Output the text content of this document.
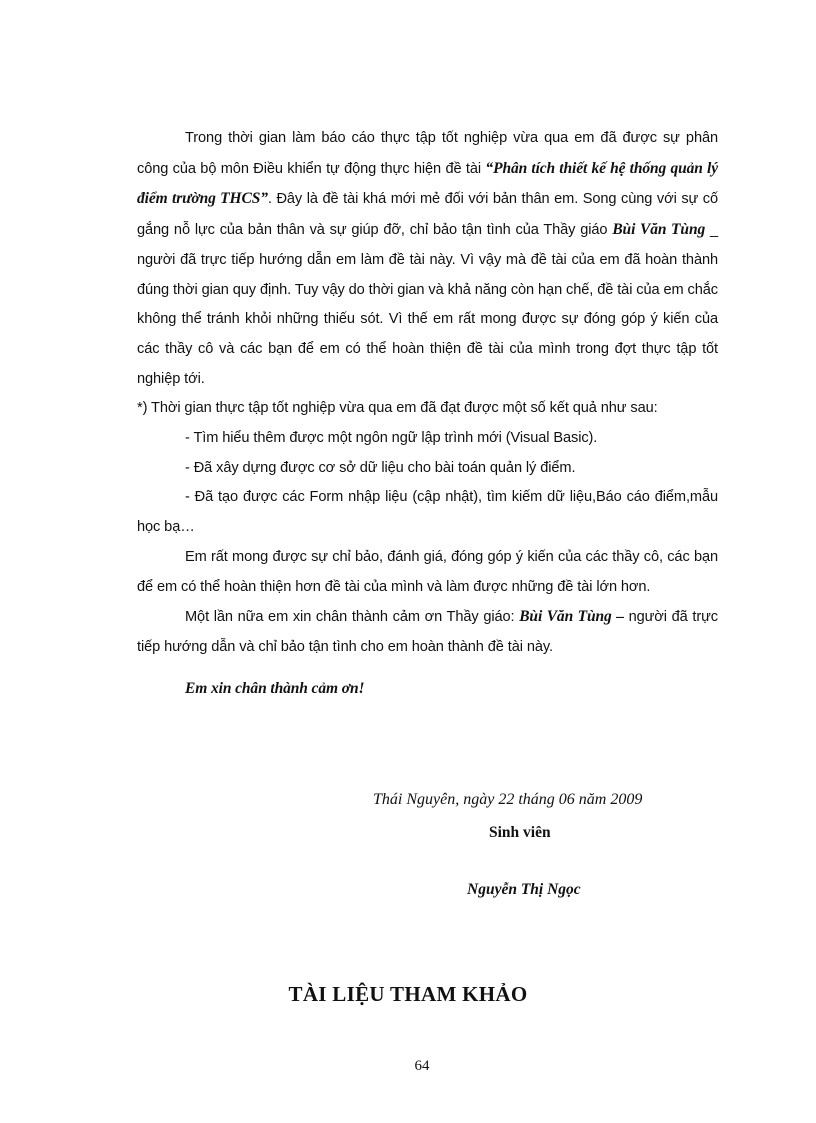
Trong thời gian làm báo cáo thực tập tốt nghiệp vừa qua em đã được sự phân công của bộ môn Điều khiển tự động thực hiện đề tài “Phân tích thiết kế hệ thống quản lý điểm trường THCS”. Đây là đề tài khá mới mẻ đối với bản thân em. Song cùng với sự cố gắng nỗ lực của bản thân và sự giúp đỡ, chỉ bảo tận tình của Thầy giáo Bùi Văn Tùng _ người đã trực tiếp hướng dẫn em làm đề tài này. Vì vậy mà đề tài của em đã hoàn thành đúng thời gian quy định. Tuy vậy do thời gian và khả năng còn hạn chế, đề tài của em chắc không thể tránh khỏi những thiếu sót. Vì thế em rất mong được sự đóng góp ý kiến của các thầy cô và các bạn để em có thể hoàn thiện đề tài của mình trong đợt thực tập tốt nghiệp tới.

*) Thời gian thực tập tốt nghiệp vừa qua em đã đạt được một số kết quả như sau:

- Tìm hiểu thêm được một ngôn ngữ lập trình mới (Visual Basic).

- Đã xây dựng được cơ sở dữ liệu cho bài toán quản lý điểm.

- Đã tạo được các Form nhập liệu (cập nhật), tìm kiếm dữ liệu,Báo cáo điểm,mẫu học bạ…

Em rất mong được sự chỉ bảo, đánh giá, đóng góp ý kiến của các thầy cô, các bạn để em có thể hoàn thiện hơn đề tài của mình và làm được những đề tài lớn hơn.

Một lần nữa em xin chân thành cảm ơn Thầy giáo: Bùi Văn Tùng – người đã trực tiếp hướng dẫn và chỉ bảo tận tình cho em hoàn thành đề tài này.

Em xin chân thành cảm ơn!

Thái Nguyên, ngày 22 tháng 06 năm 2009
Sinh viên
Nguyễn Thị Ngọc
TÀI LIỆU THAM KHẢO
64
